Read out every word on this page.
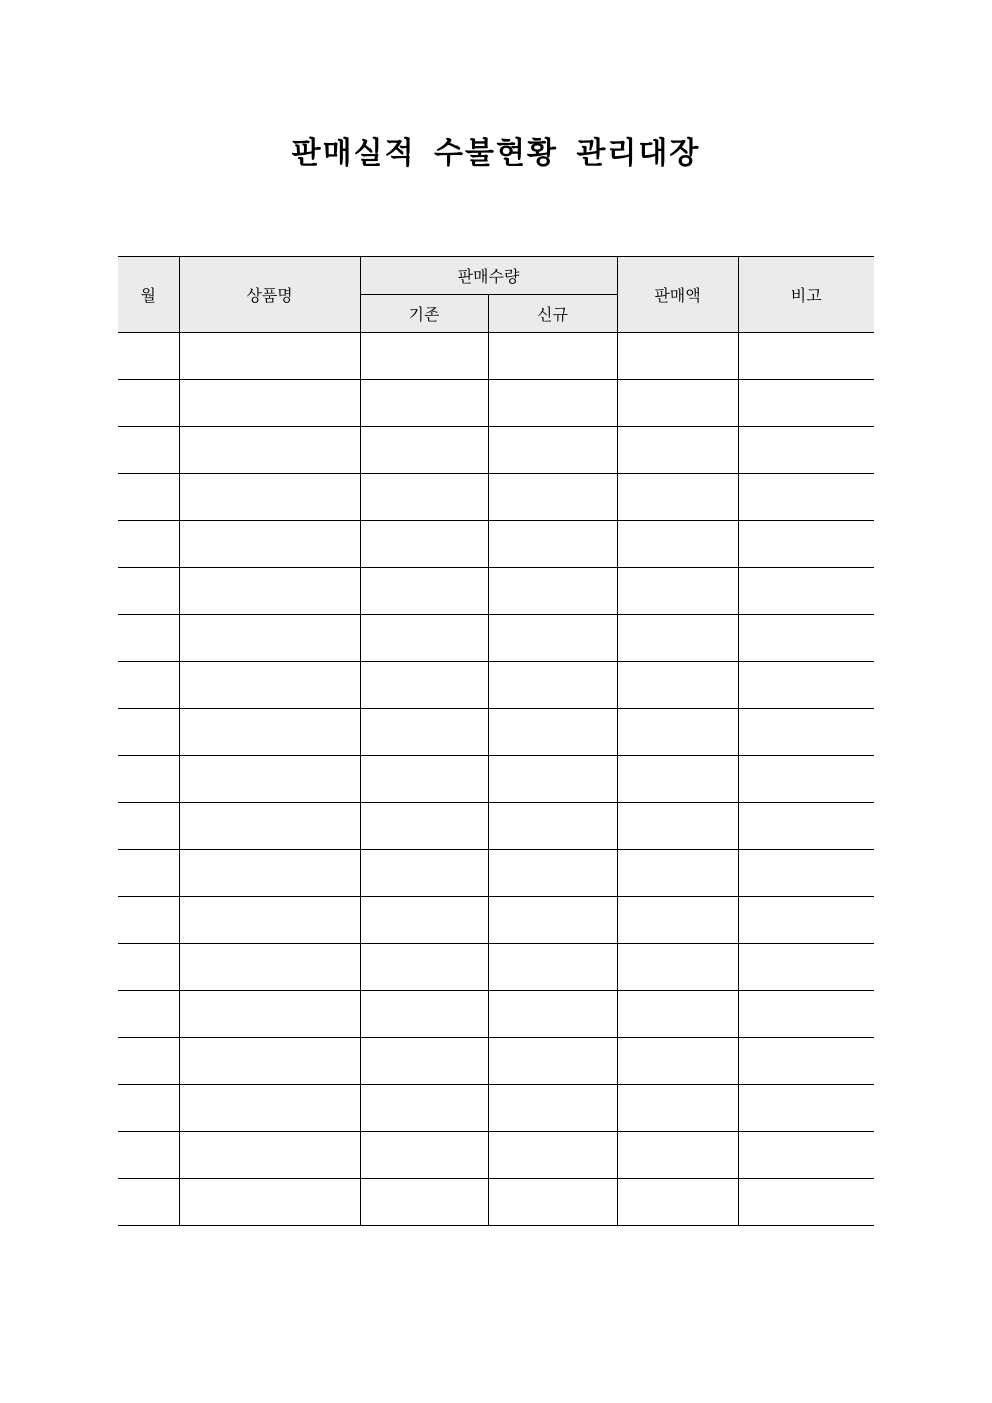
판매실적 수불현황 관리대장
월	상품명	판매수량		판매액	비고
		기존	신규		
